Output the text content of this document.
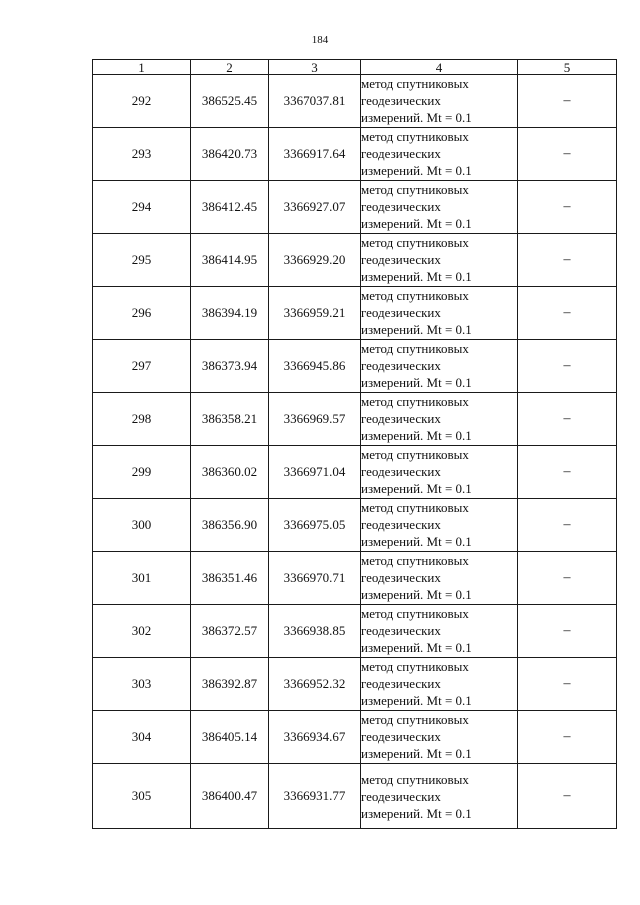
184
1	2	3	4	5
292	386525.45	3367037.81	метод спутниковых
геодезических
измерений. Mt = 0.1	–
293	386420.73	3366917.64	метод спутниковых
геодезических
измерений. Mt = 0.1	–
294	386412.45	3366927.07	метод спутниковых
геодезических
измерений. Mt = 0.1	–
295	386414.95	3366929.20	метод спутниковых
геодезических
измерений. Mt = 0.1	–
296	386394.19	3366959.21	метод спутниковых
геодезических
измерений. Mt = 0.1	–
297	386373.94	3366945.86	метод спутниковых
геодезических
измерений. Mt = 0.1	–
298	386358.21	3366969.57	метод спутниковых
геодезических
измерений. Mt = 0.1	–
299	386360.02	3366971.04	метод спутниковых
геодезических
измерений. Mt = 0.1	–
300	386356.90	3366975.05	метод спутниковых
геодезических
измерений. Mt = 0.1	–
301	386351.46	3366970.71	метод спутниковых
геодезических
измерений. Mt = 0.1	–
302	386372.57	3366938.85	метод спутниковых
геодезических
измерений. Mt = 0.1	–
303	386392.87	3366952.32	метод спутниковых
геодезических
измерений. Mt = 0.1	–
304	386405.14	3366934.67	метод спутниковых
геодезических
измерений. Mt = 0.1	–
305	386400.47	3366931.77	метод спутниковых
геодезических
измерений. Mt = 0.1	–
